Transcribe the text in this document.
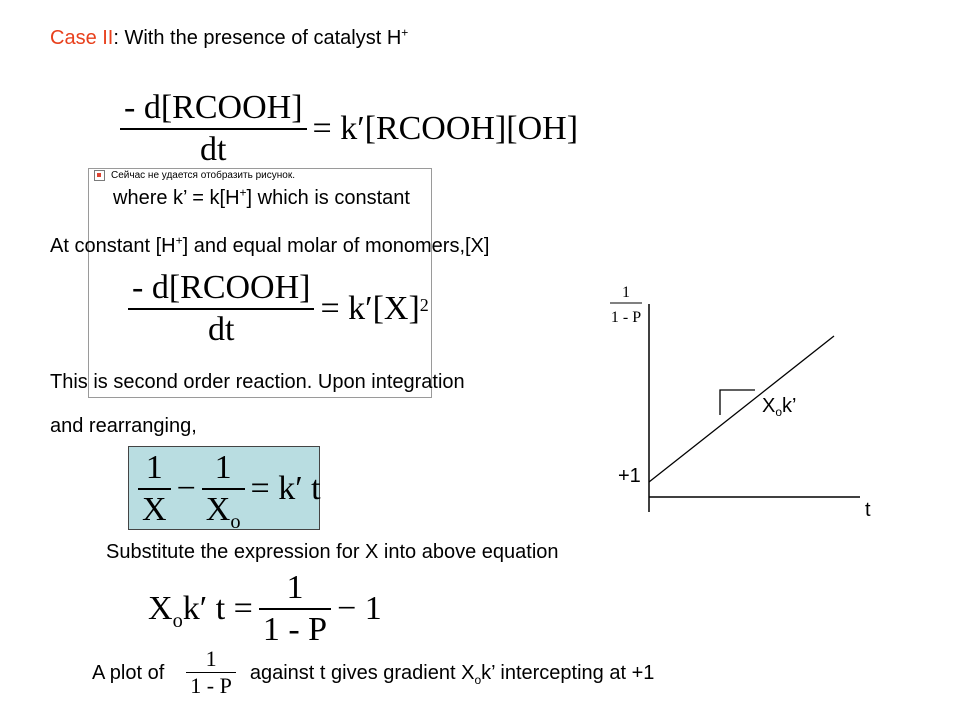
Case II: With the presence of catalyst H+
$\frac{\text{- d[RCOOH]}}{dt}$ = k′[RCOOH][OH]
Сейчас не удается отобразить рисунок.
where k’ = k[H+] which is constant
At constant [H+] and equal molar of monomers,[X]
$\frac{\text{- d[RCOOH]}}{dt} = k'[X]^2$
This is second order reaction. Upon integration
and rearranging,
$\frac{1}{X} - \frac{1}{X_o} = k'$ t
Substitute the expression for X into above equation
$X_ok'$ $t = \frac{1}{1 - P} - 1$
A plot of $\frac{1}{1 - P}$ against t gives gradient $X_ok$’ intercepting at +1
1
1 - P
+1
$X_ok$’
t
